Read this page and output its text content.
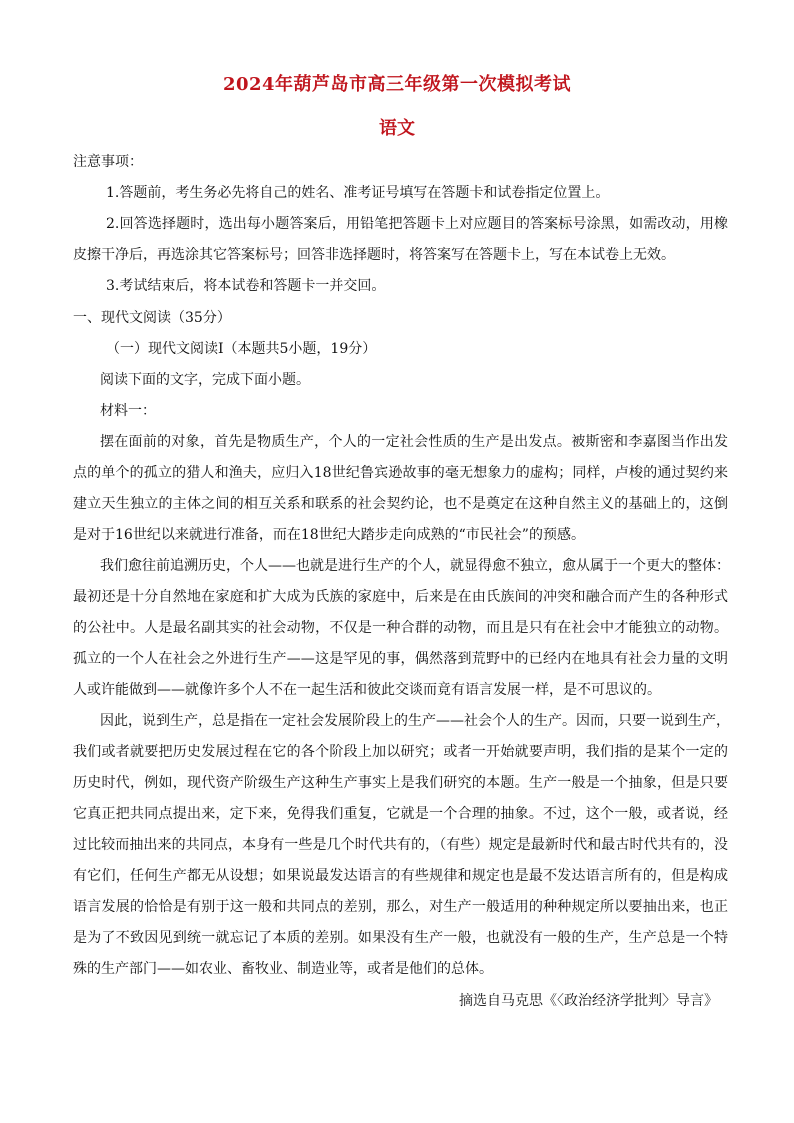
2024年葫芦岛市高三年级第一次模拟考试
语文
注意事项：
1.答题前，考生务必先将自己的姓名、准考证号填写在答题卡和试卷指定位置上。
2.回答选择题时，选出每小题答案后，用铅笔把答题卡上对应题目的答案标号涂黑，如需改动，用橡
皮擦干净后，再选涂其它答案标号；回答非选择题时，将答案写在答题卡上，写在本试卷上无效。
3.考试结束后，将本试卷和答题卡一并交回。
一、现代文阅读（35分）
（一）现代文阅读Ⅰ（本题共5小题，19分）
阅读下面的文字，完成下面小题。
材料一：
摆在面前的对象，首先是物质生产，个人的一定社会性质的生产是出发点。被斯密和李嘉图当作出发
点的单个的孤立的猎人和渔夫，应归入18世纪鲁宾逊故事的毫无想象力的虚构；同样，卢梭的通过契约来
建立天生独立的主体之间的相互关系和联系的社会契约论，也不是奠定在这种自然主义的基础上的，这倒
是对于16世纪以来就进行准备，而在18世纪大踏步走向成熟的“市民社会”的预感。
我们愈往前追溯历史，个人——也就是进行生产的个人，就显得愈不独立，愈从属于一个更大的整体：
最初还是十分自然地在家庭和扩大成为氏族的家庭中，后来是在由氏族间的冲突和融合而产生的各种形式
的公社中。人是最名副其实的社会动物，不仅是一种合群的动物，而且是只有在社会中才能独立的动物。
孤立的一个人在社会之外进行生产——这是罕见的事，偶然落到荒野中的已经内在地具有社会力量的文明
人或许能做到——就像许多个人不在一起生活和彼此交谈而竟有语言发展一样，是不可思议的。
因此，说到生产，总是指在一定社会发展阶段上的生产——社会个人的生产。因而，只要一说到生产，
我们或者就要把历史发展过程在它的各个阶段上加以研究；或者一开始就要声明，我们指的是某个一定的
历史时代，例如，现代资产阶级生产这种生产事实上是我们研究的本题。生产一般是一个抽象，但是只要
它真正把共同点提出来，定下来，免得我们重复，它就是一个合理的抽象。不过，这个一般，或者说，经
过比较而抽出来的共同点，本身有一些是几个时代共有的，（有些）规定是最新时代和最古时代共有的，没
有它们，任何生产都无从设想；如果说最发达语言的有些规律和规定也是最不发达语言所有的，但是构成
语言发展的恰恰是有别于这一般和共同点的差别，那么，对生产一般适用的种种规定所以要抽出来，也正
是为了不致因见到统一就忘记了本质的差别。如果没有生产一般，也就没有一般的生产，生产总是一个特
殊的生产部门——如农业、畜牧业、制造业等，或者是他们的总体。
摘选自马克思《〈政治经济学批判〉导言》
